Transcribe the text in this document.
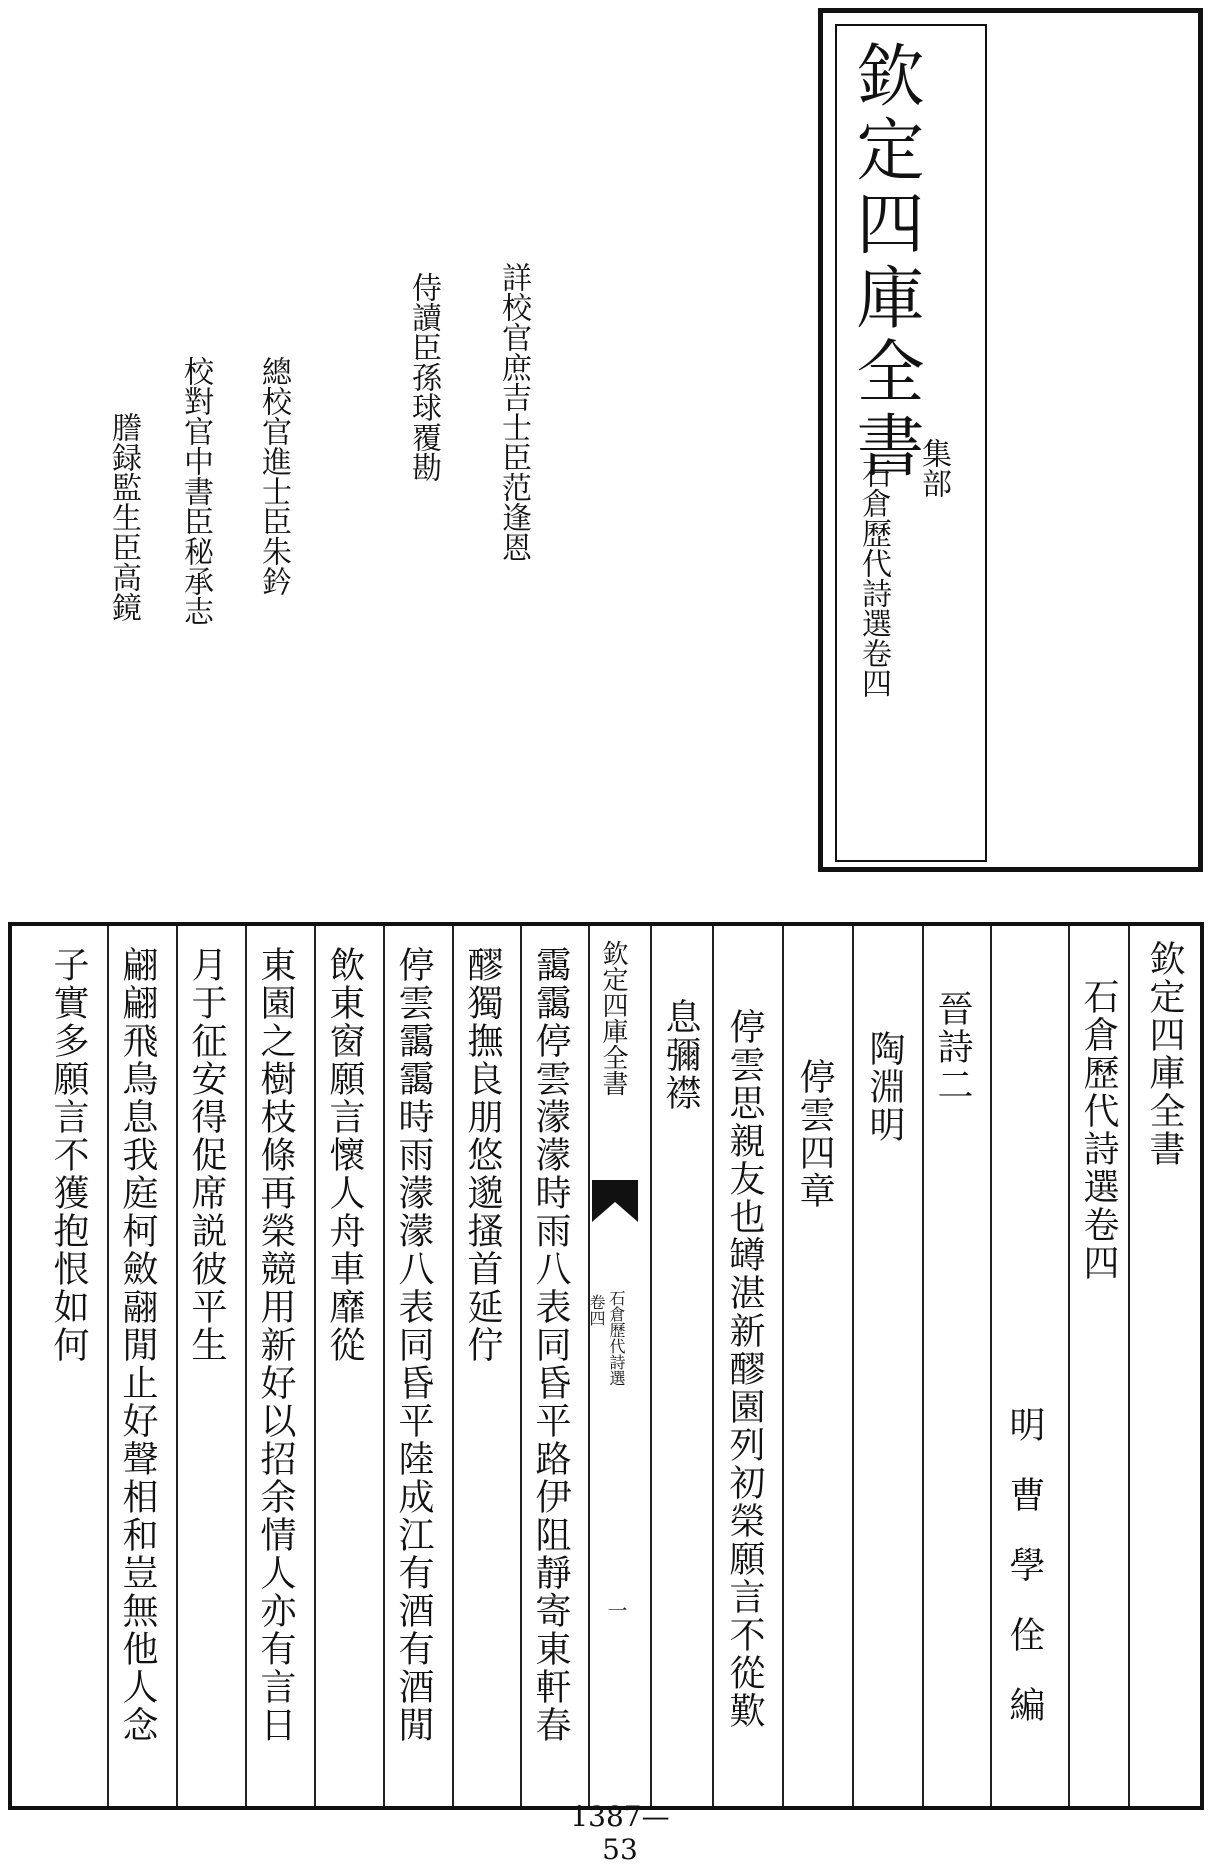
欽定四庫全書
集部
石倉歷代詩選卷四
詳校官庶吉士臣范逢恩
侍讀臣孫球覆勘
總校官進士臣朱鈐
校對官中書臣秘承志
謄録監生臣高鏡
欽定四庫全書
石倉歷代詩選卷四
明曹學佺編
晉詩二
陶淵明
停雲四章
停雲思親友也罇湛新醪園列初榮願言不從歎
息彌襟
欽定四庫全書
石倉歷代詩選
卷四
一
靄靄停雲濛濛時雨八表同昏平路伊阻靜寄東軒春
醪獨撫良朋悠邈搔首延佇
停雲靄靄時雨濛濛八表同昏平陸成江有酒有酒閒
飲東窗願言懷人舟車靡從
東園之樹枝條再榮競用新好以招余情人亦有言日
月于征安得促席説彼平生
翩翩飛鳥息我庭柯斂翮閒止好聲相和豈無他人念
子實多願言不獲抱恨如何
1387—53
